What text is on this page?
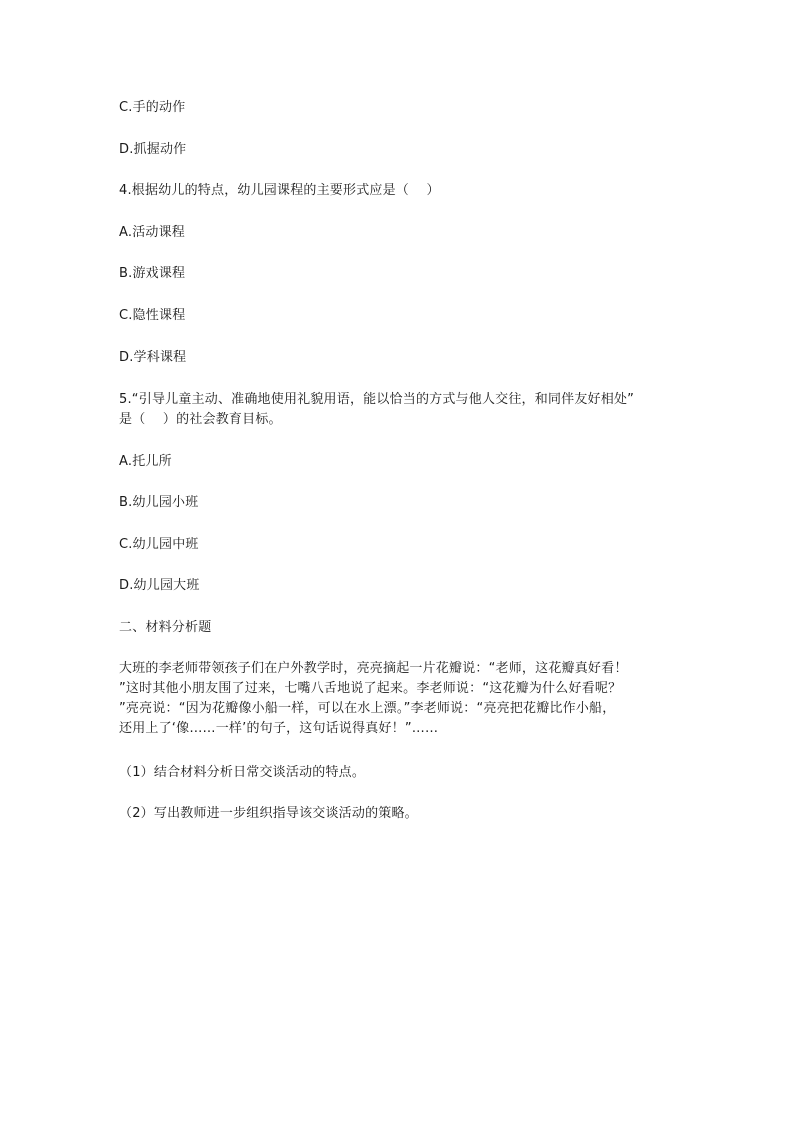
C.手的动作
D.抓握动作
4.根据幼儿的特点，幼儿园课程的主要形式应是（　 ）
A.活动课程
B.游戏课程
C.隐性课程
D.学科课程
5.“引导儿童主动、准确地使用礼貌用语，能以恰当的方式与他人交往，和同伴友好相处”
是（　 ）的社会教育目标。
A.托儿所
B.幼儿园小班
C.幼儿园中班
D.幼儿园大班
二、材料分析题
大班的李老师带领孩子们在户外教学时，亮亮摘起一片花瓣说：“老师，这花瓣真好看！
”这时其他小朋友围了过来，七嘴八舌地说了起来。李老师说：“这花瓣为什么好看呢？
”亮亮说：“因为花瓣像小船一样，可以在水上漂。”李老师说：“亮亮把花瓣比作小船，
还用上了‘像……一样’的句子，这句话说得真好！”……
（1）结合材料分析日常交谈活动的特点。
（2）写出教师进一步组织指导该交谈活动的策略。
